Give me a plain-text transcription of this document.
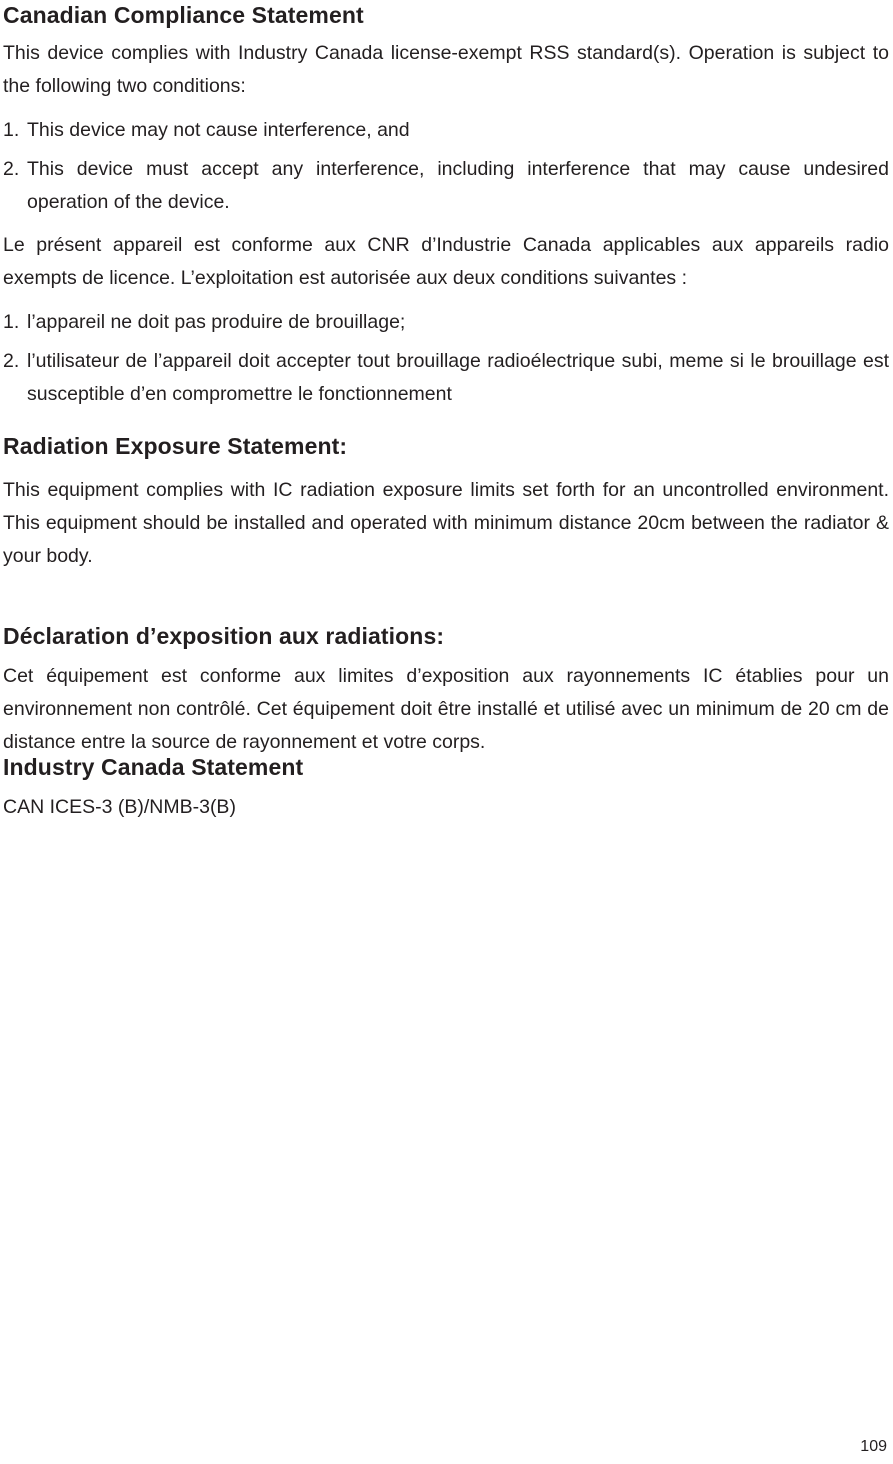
Canadian Compliance Statement

This device complies with Industry Canada license-exempt RSS standard(s). Operation is subject to the following two conditions:

1. This device may not cause interference, and
2. This device must accept any interference, including interference that may cause undesired operation of the device.

Le présent appareil est conforme aux CNR d’Industrie Canada applicables aux appareils radio exempts de licence. L’exploitation est autorisée aux deux conditions suivantes :

1. l’appareil ne doit pas produire de brouillage;
2. l’utilisateur de l’appareil doit accepter tout brouillage radioélectrique subi, meme si le brouillage est susceptible d’en compromettre le fonctionnement
Radiation Exposure Statement:

This equipment complies with IC radiation exposure limits set forth for an uncontrolled environment. This equipment should be installed and operated with minimum distance 20cm between the radiator & your body.

Déclaration d’exposition aux radiations:

Cet équipement est conforme aux limites d’exposition aux rayonnements IC établies pour un environnement non contrôlé. Cet équipement doit être installé et utilisé avec un minimum de 20 cm de distance entre la source de rayonnement et votre corps.

Industry Canada Statement

CAN ICES-3 (B)/NMB-3(B)

109
